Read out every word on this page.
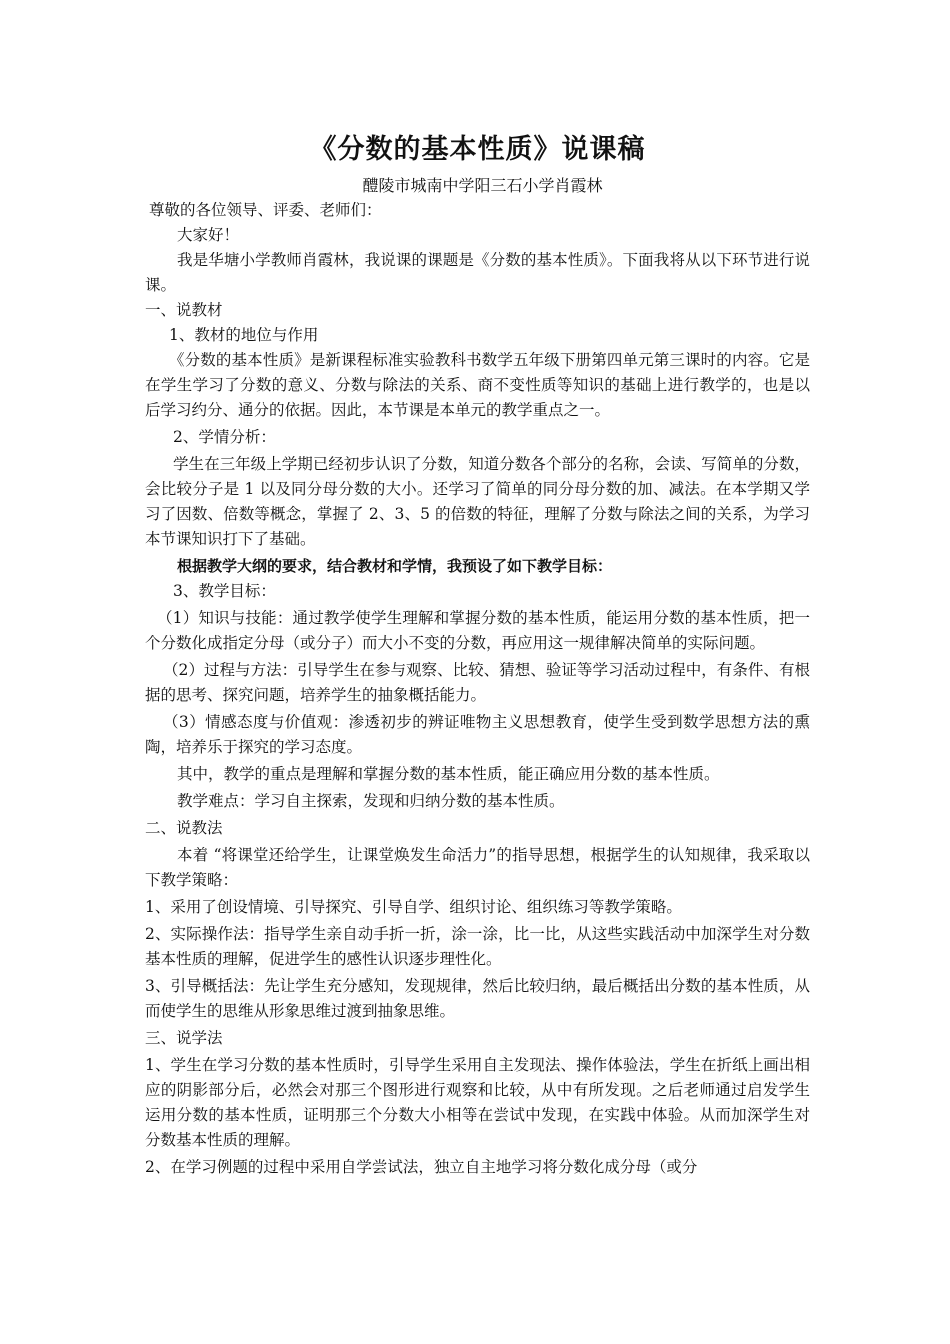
《分数的基本性质》说课稿

醴陵市城南中学阳三石小学肖霞林

尊敬的各位领导、评委、老师们：

大家好！

我是华塘小学教师肖霞林，我说课的课题是《分数的基本性质》。下面我将从以下环节进行说课。

一、说教材

1、教材的地位与作用

《分数的基本性质》是新课程标准实验教科书数学五年级下册第四单元第三课时的内容。它是在学生学习了分数的意义、分数与除法的关系、商不变性质等知识的基础上进行教学的，也是以后学习约分、通分的依据。因此，本节课是本单元的教学重点之一。

2、学情分析：

学生在三年级上学期已经初步认识了分数，知道分数各个部分的名称，会读、写简单的分数，会比较分子是 1 以及同分母分数的大小。还学习了简单的同分母分数的加、减法。在本学期又学习了因数、倍数等概念，掌握了 2、3、5 的倍数的特征，理解了分数与除法之间的关系，为学习本节课知识打下了基础。

根据教学大纲的要求，结合教材和学情，我预设了如下教学目标：

3、教学目标：

（1）知识与技能：通过教学使学生理解和掌握分数的基本性质，能运用分数的基本性质，把一个分数化成指定分母（或分子）而大小不变的分数，再应用这一规律解决简单的实际问题。

（2）过程与方法：引导学生在参与观察、比较、猜想、验证等学习活动过程中，有条件、有根据的思考、探究问题，培养学生的抽象概括能力。

（3）情感态度与价值观：渗透初步的辨证唯物主义思想教育，使学生受到数学思想方法的熏陶，培养乐于探究的学习态度。

其中，教学的重点是理解和掌握分数的基本性质，能正确应用分数的基本性质。

教学难点：学习自主探索，发现和归纳分数的基本性质。

二、说教法

本着 “将课堂还给学生，让课堂焕发生命活力”的指导思想，根据学生的认知规律，我采取以下教学策略：

1、采用了创设情境、引导探究、引导自学、组织讨论、组织练习等教学策略。

2、实际操作法：指导学生亲自动手折一折，涂一涂，比一比，从这些实践活动中加深学生对分数基本性质的理解，促进学生的感性认识逐步理性化。

3、引导概括法：先让学生充分感知，发现规律，然后比较归纳，最后概括出分数的基本性质，从而使学生的思维从形象思维过渡到抽象思维。

三、说学法

1、学生在学习分数的基本性质时，引导学生采用自主发现法、操作体验法，学生在折纸上画出相应的阴影部分后，必然会对那三个图形进行观察和比较，从中有所发现。之后老师通过启发学生运用分数的基本性质，证明那三个分数大小相等在尝试中发现，在实践中体验。从而加深学生对分数基本性质的理解。

2、在学习例题的过程中采用自学尝试法，独立自主地学习将分数化成分母（或分
